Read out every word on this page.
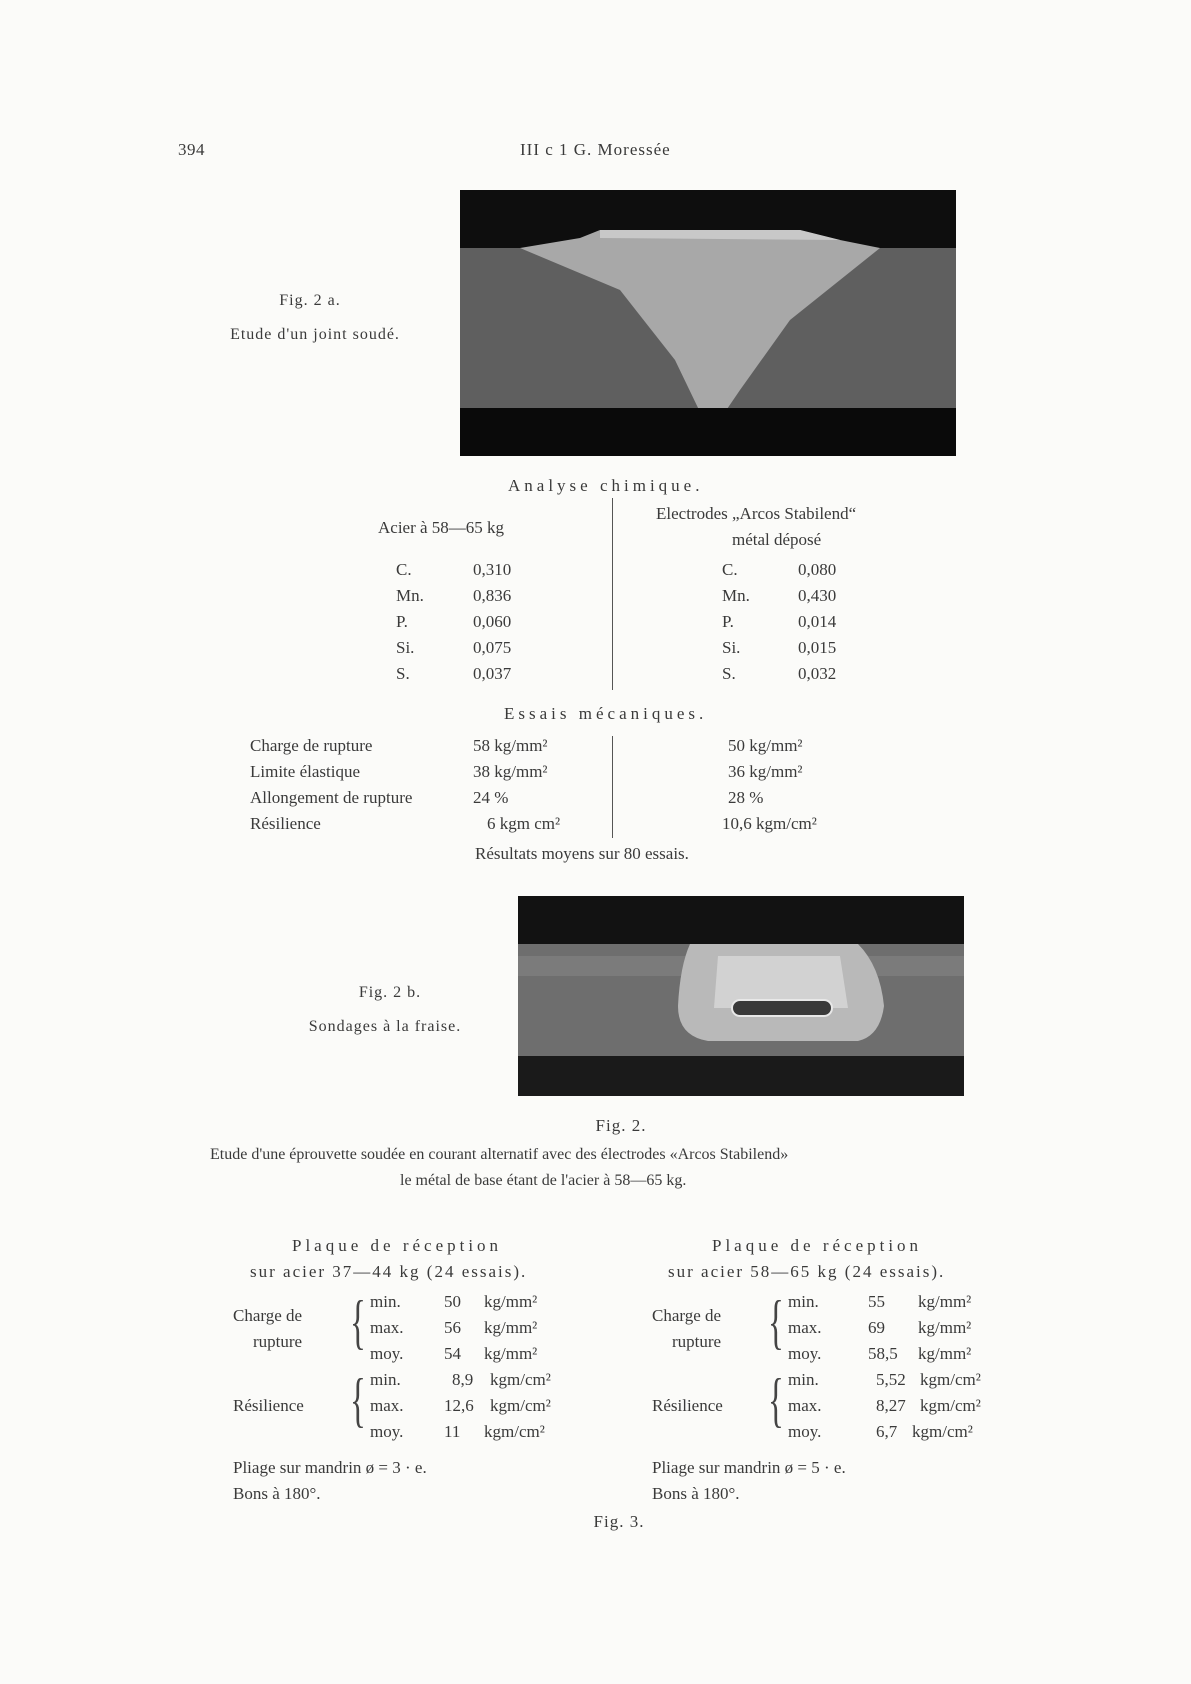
394	III c 1 G. Moressée
Fig. 2 a.
Etude d'un joint soudé.
Analyse chimique.
Acier à 58—65 kg
Electrodes „Arcos Stabilend“
métal déposé
C.	0,310
Mn.	0,836
P.	0,060
Si.	0,075
S.	0,037
C.	0,080
Mn.	0,430
P.	0,014
Si.	0,015
S.	0,032
Essais mécaniques.
Charge de rupture	58 kg/mm²	50 kg/mm²
Limite élastique	38 kg/mm²	36 kg/mm²
Allongement de rupture	24 %	28 %
Résilience	6 kgm cm²	10,6 kgm/cm²
Résultats moyens sur 80 essais.
Fig. 2 b.
Sondages à la fraise.
Fig. 2.
Etude d'une éprouvette soudée en courant alternatif avec des électrodes «Arcos Stabilend»
le métal de base étant de l'acier à 58—65 kg.
Plaque de réception
sur acier 37—44 kg (24 essais).
Charge de
rupture { min.	50 kg/mm²
max. 56 kg/mm²
moy. 54 kg/mm²
Résilience { min.	8,9 kgm/cm²
max. 12,6 kgm/cm²
moy. 11 kgm/cm²
Pliage sur mandrin ø = 3 · e.
Bons à 180°.
Plaque de réception
sur acier 58—65 kg (24 essais).
Charge de
rupture { min.	55 kg/mm²
max.	69 kg/mm²
moy.	58,5 kg/mm²
Résilience { min.	5,52 kgm/cm²
max.	8,27 kgm/cm²
moy.	6,7 kgm/cm²
Pliage sur mandrin ø = 5 · e.
Bons à 180°.
Fig. 3.
